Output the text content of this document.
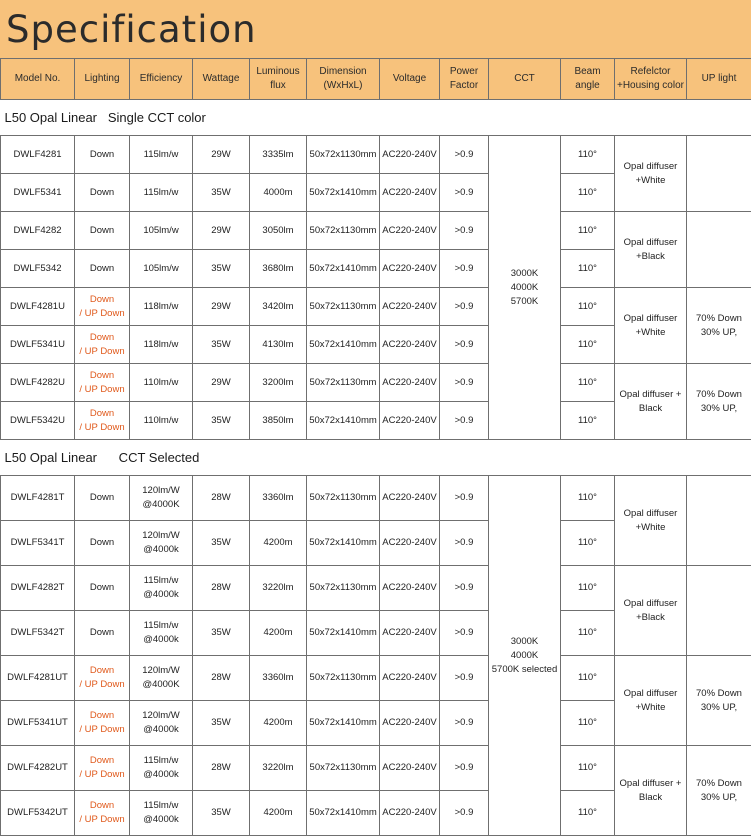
Specification
Model No.	Lighting	Efficiency	Wattage	Luminous
flux	Dimension
(WxHxL)	Voltage	Power
Factor	CCT	Beam
angle	Refelctor
+Housing color	UP light
L50 Opal Linear   Single CCT color											
DWLF4281	Down	115lm/w	29W	3335lm	50x72x1130mm	AC220-240V	>0.9	3000K
4000K
5700K	110°	Opal diffuser
+White	
DWLF5341	Down	115lm/w	35W	4000m	50x72x1410mm	AC220-240V	>0.9		110°		
DWLF4282	Down	105lm/w	29W	3050lm	50x72x1130mm	AC220-240V	>0.9		110°	Opal diffuser
+Black	
DWLF5342	Down	105lm/w	35W	3680lm	50x72x1410mm	AC220-240V	>0.9		110°		
DWLF4281U	Down
/ UP Down	118lm/w	29W	3420lm	50x72x1130mm	AC220-240V	>0.9		110°	Opal diffuser
+White	70% Down
30% UP,
DWLF5341U	Down
/ UP Down	118lm/w	35W	4130lm	50x72x1410mm	AC220-240V	>0.9		110°		
DWLF4282U	Down
/ UP Down	110lm/w	29W	3200lm	50x72x1130mm	AC220-240V	>0.9		110°	Opal diffuser +
Black	70% Down
30% UP,
DWLF5342U	Down
/ UP Down	110lm/w	35W	3850lm	50x72x1410mm	AC220-240V	>0.9		110°		
L50 Opal Linear      CCT Selected											
DWLF4281T	Down	120lm/W
@4000K	28W	3360lm	50x72x1130mm	AC220-240V	>0.9	3000K
4000K
5700K selected	110°	Opal diffuser
+White	
DWLF5341T	Down	120lm/W
@4000k	35W	4200m	50x72x1410mm	AC220-240V	>0.9		110°		
DWLF4282T	Down	115lm/w
@4000k	28W	3220lm	50x72x1130mm	AC220-240V	>0.9		110°	Opal diffuser
+Black	
DWLF5342T	Down	115lm/w
@4000k	35W	4200m	50x72x1410mm	AC220-240V	>0.9		110°		
DWLF4281UT	Down
/ UP Down	120lm/W
@4000K	28W	3360lm	50x72x1130mm	AC220-240V	>0.9		110°	Opal diffuser
+White	70% Down
30% UP,
DWLF5341UT	Down
/ UP Down	120lm/W
@4000k	35W	4200m	50x72x1410mm	AC220-240V	>0.9		110°		
DWLF4282UT	Down
/ UP Down	115lm/w
@4000k	28W	3220lm	50x72x1130mm	AC220-240V	>0.9		110°	Opal diffuser +
Black	70% Down
30% UP,
DWLF5342UT	Down
/ UP Down	115lm/w
@4000k	35W	4200m	50x72x1410mm	AC220-240V	>0.9		110°		
